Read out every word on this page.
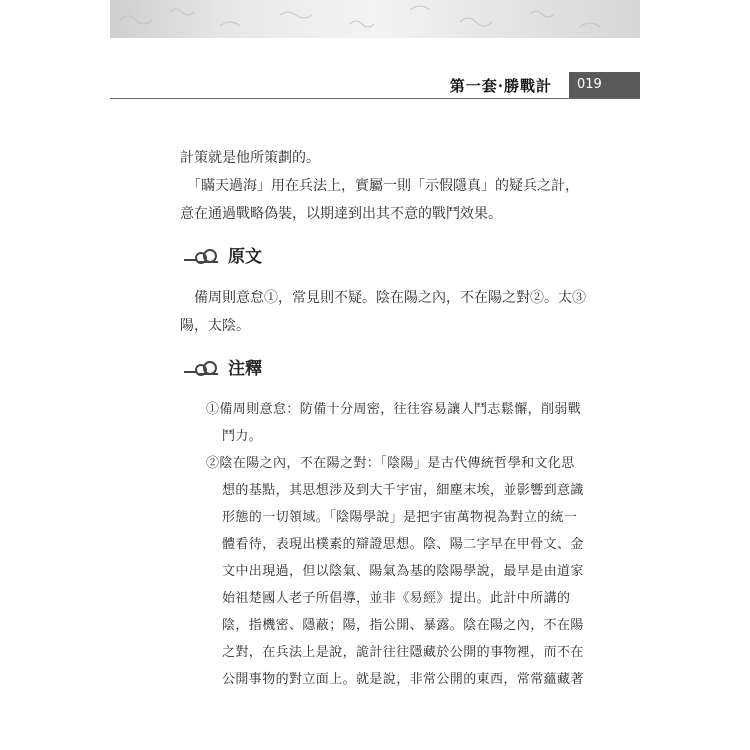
第一套·勝戰計	019
計策就是他所策劃的。
　「瞞天過海」用在兵法上，實屬一則「示假隱真」的疑兵之計，
意在通過戰略偽裝，以期達到出其不意的戰鬥效果。
原文
　備周則意怠①，常見則不疑。陰在陽之內，不在陽之對②。太③
陽，太陰。
注釋
①備周則意怠：防備十分周密，往往容易讓人鬥志鬆懈，削弱戰
鬥力。
②陰在陽之內，不在陽之對：「陰陽」是古代傳統哲學和文化思
想的基點，其思想涉及到大千宇宙，細塵末埃，並影響到意識
形態的一切領域。「陰陽學說」是把宇宙萬物視為對立的統一
體看待，表現出樸素的辯證思想。陰、陽二字早在甲骨文、金
文中出現過，但以陰氣、陽氣為基的陰陽學說，最早是由道家
始祖楚國人老子所倡導，並非《易經》提出。此計中所講的
陰，指機密、隱蔽；陽，指公開、暴露。陰在陽之內，不在陽
之對，在兵法上是說，詭計往往隱藏於公開的事物裡，而不在
公開事物的對立面上。就是說，非常公開的東西，常常蘊藏著
